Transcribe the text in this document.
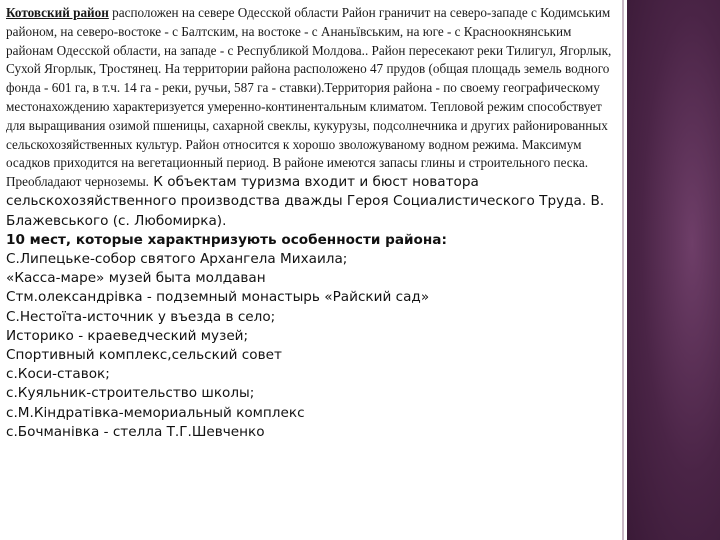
Котовский район расположен на севере Одесской области Район граничит на северо-западе с Кодимським районом, на северо-востоке - с Балтским, на востоке - с Ананьївським, на юге - с Красноокнянським районам Одесской области, на западе - с Республикой Молдова.. Район пересекают реки Тилигул, Ягорлык, Сухой Ягорлык, Тростянец. На территории района расположено 47 прудов (общая площадь земель водного фонда - 601 га, в т.ч. 14 га - реки, ручьи, 587 га - ставки).Территория района - по своему географическому местонахождению характеризуется умеренно-континентальным климатом. Тепловой режим способствует для выращивания озимой пшеницы, сахарной свеклы, кукурузы, подсолнечника и других районированных сельскохозяйственных культур. Район относится к хорошо зволожуваному водном режима. Максимум осадков приходится на вегетационный период. В районе имеются запасы глины и строительного песка. Преобладают черноземы. К объектам туризма входит и бюст новатора сельскохозяйственного производства дважды Героя Социалистического Труда. В. Блажевського (с. Любомирка).
10 мест, которые характнризують особенности района:
С.Липецьке-собор святого Архангела Михаила;
«Касса-маре» музей быта молдаван
Стм.олександрівка - подземный монастырь «Райский сад»
С.Нестоїта-источник у въезда в село;
Историко - краеведческий музей;
Спортивный комплекс,сельский совет
с.Коси-ставок;
с.Куяльник-строительство школы;
с.М.Кіндратівка-мемориальный комплекс
с.Бочманівка - стелла Т.Г.Шевченко
